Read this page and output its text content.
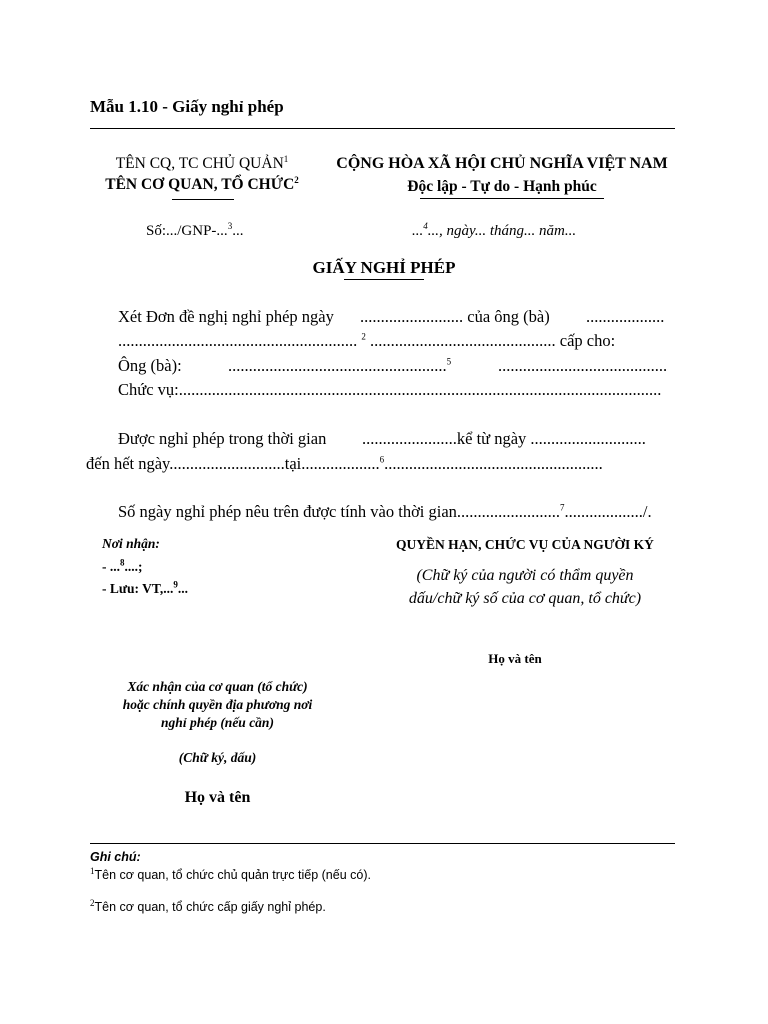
Mẫu 1.10 - Giấy nghỉ phép
TÊN CQ, TC CHỦ QUẢN$^1$
TÊN CƠ QUAN, TỔ CHỨC$^2$
Số:.../GNP-...$^3$...
CỘNG HÒA XÃ HỘI CHỦ NGHĨA VIỆT NAM
Độc lập - Tự do - Hạnh phúc
...$^4$..., ngày... tháng... năm...
GIẤY NGHỈ PHÉP
Xét Đơn đề nghị nghỉ phép ngày ......................... của ông (bà) ...................
.......................................................... $^2$ ............................................. cấp cho:
Ông (bà):	.....................................................$^5$	.........................................
Chức vụ:.....................................................................................................................
Được nghỉ phép trong thời gian .......................kể từ ngày ............................
đến hết ngày............................tại...................$^6$.....................................................
Số ngày nghỉ phép nêu trên được tính vào thời gian.........................$^7$.................../.
Nơi nhận:
- ...$^8$....;
- Lưu: VT,...$^9$...
QUYỀN HẠN, CHỨC VỤ CỦA NGƯỜI KÝ
(Chữ ký của người có thẩm quyền
dấu/chữ ký số của cơ quan, tổ chức)
Họ và tên
Xác nhận của cơ quan (tổ chức)
hoặc chính quyền địa phương nơi
nghỉ phép (nếu cần)
(Chữ ký, dấu)
Họ và tên
Ghi chú:
$^1$Tên cơ quan, tổ chức chủ quản trực tiếp (nếu có).
$^2$Tên cơ quan, tổ chức cấp giấy nghỉ phép.
